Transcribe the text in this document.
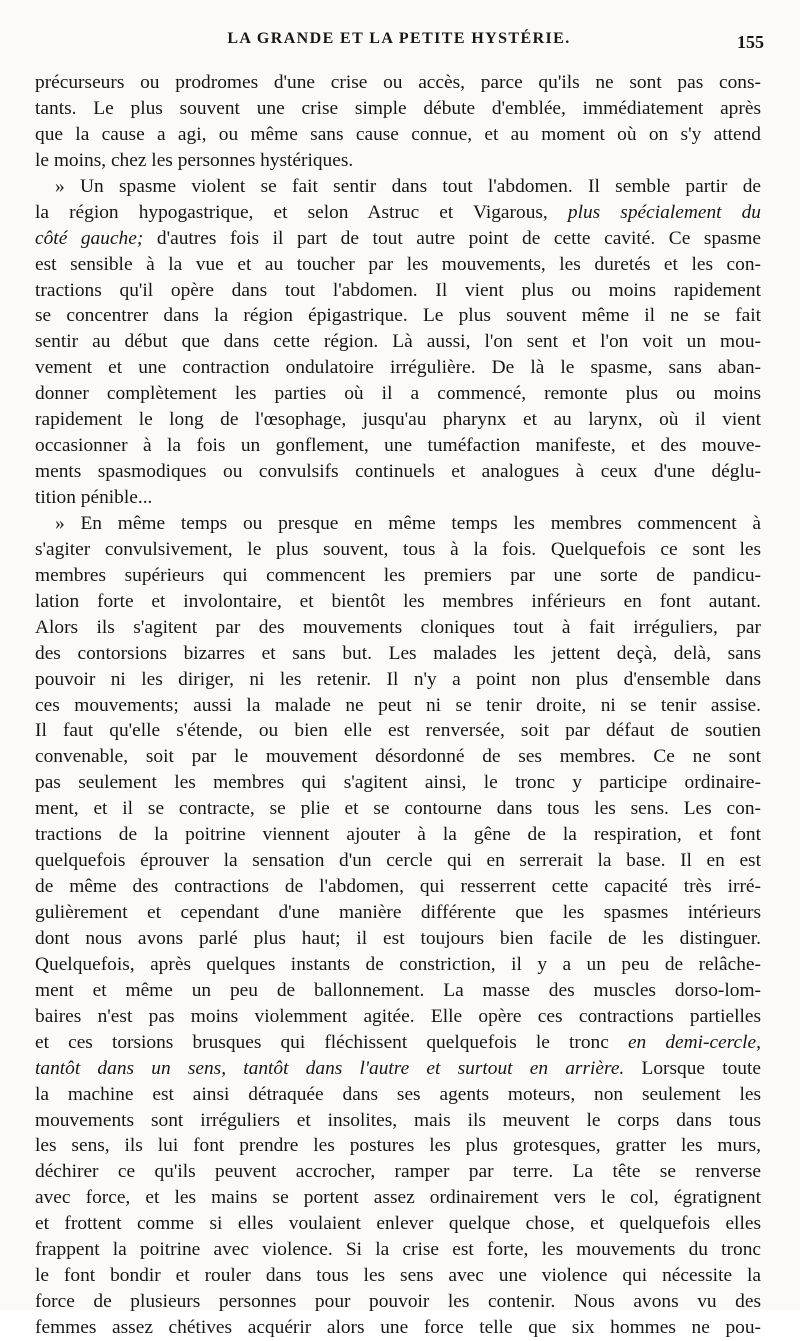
LA GRANDE ET LA PETITE HYSTÉRIE.	155
précurseurs ou prodromes d'une crise ou accès, parce qu'ils ne sont pas cons-
tants. Le plus souvent une crise simple débute d'emblée, immédiatement après
que la cause a agi, ou même sans cause connue, et au moment où on s'y attend
le moins, chez les personnes hystériques.
» Un spasme violent se fait sentir dans tout l'abdomen. Il semble partir de
la région hypogastrique, et selon Astruc et Vigarous, plus spécialement du
côté gauche; d'autres fois il part de tout autre point de cette cavité. Ce spasme
est sensible à la vue et au toucher par les mouvements, les duretés et les con-
tractions qu'il opère dans tout l'abdomen. Il vient plus ou moins rapidement
se concentrer dans la région épigastrique. Le plus souvent même il ne se fait
sentir au début que dans cette région. Là aussi, l'on sent et l'on voit un mou-
vement et une contraction ondulatoire irrégulière. De là le spasme, sans aban-
donner complètement les parties où il a commencé, remonte plus ou moins
rapidement le long de l'œsophage, jusqu'au pharynx et au larynx, où il vient
occasionner à la fois un gonflement, une tuméfaction manifeste, et des mouve-
ments spasmodiques ou convulsifs continuels et analogues à ceux d'une déglu-
tition pénible...
» En même temps ou presque en même temps les membres commencent à
s'agiter convulsivement, le plus souvent, tous à la fois. Quelquefois ce sont les
membres supérieurs qui commencent les premiers par une sorte de pandicu-
lation forte et involontaire, et bientôt les membres inférieurs en font autant.
Alors ils s'agitent par des mouvements cloniques tout à fait irréguliers, par
des contorsions bizarres et sans but. Les malades les jettent deçà, delà, sans
pouvoir ni les diriger, ni les retenir. Il n'y a point non plus d'ensemble dans
ces mouvements; aussi la malade ne peut ni se tenir droite, ni se tenir assise.
Il faut qu'elle s'étende, ou bien elle est renversée, soit par défaut de soutien
convenable, soit par le mouvement désordonné de ses membres. Ce ne sont
pas seulement les membres qui s'agitent ainsi, le tronc y participe ordinaire-
ment, et il se contracte, se plie et se contourne dans tous les sens. Les con-
tractions de la poitrine viennent ajouter à la gêne de la respiration, et font
quelquefois éprouver la sensation d'un cercle qui en serrerait la base. Il en est
de même des contractions de l'abdomen, qui resserrent cette capacité très irré-
gulièrement et cependant d'une manière différente que les spasmes intérieurs
dont nous avons parlé plus haut; il est toujours bien facile de les distinguer.
Quelquefois, après quelques instants de constriction, il y a un peu de relâche-
ment et même un peu de ballonnement. La masse des muscles dorso-lom-
baires n'est pas moins violemment agitée. Elle opère ces contractions partielles
et ces torsions brusques qui fléchissent quelquefois le tronc en demi-cercle,
tantôt dans un sens, tantôt dans l'autre et surtout en arrière. Lorsque toute
la machine est ainsi détraquée dans ses agents moteurs, non seulement les
mouvements sont irréguliers et insolites, mais ils meuvent le corps dans tous
les sens, ils lui font prendre les postures les plus grotesques, gratter les murs,
déchirer ce qu'ils peuvent accrocher, ramper par terre. La tête se renverse
avec force, et les mains se portent assez ordinairement vers le col, égratignent
et frottent comme si elles voulaient enlever quelque chose, et quelquefois elles
frappent la poitrine avec violence. Si la crise est forte, les mouvements du tronc
le font bondir et rouler dans tous les sens avec une violence qui nécessite la
force de plusieurs personnes pour pouvoir les contenir. Nous avons vu des
femmes assez chétives acquérir alors une force telle que six hommes ne pou-
